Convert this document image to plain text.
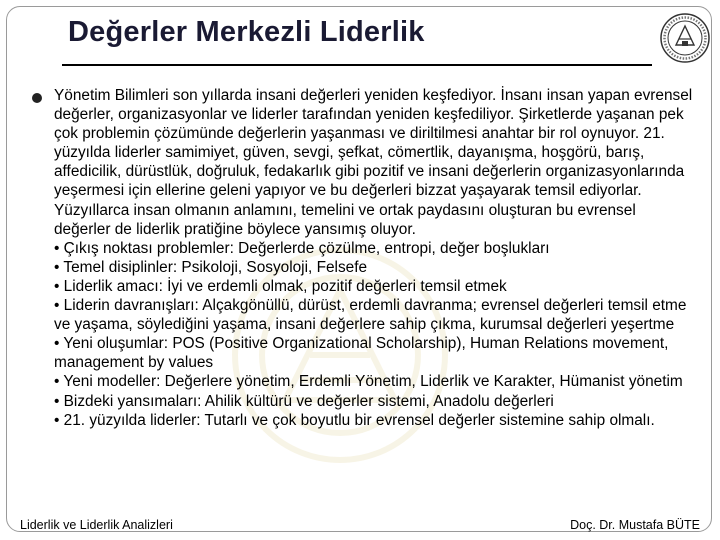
Değerler Merkezli Liderlik

Yönetim Bilimleri son yıllarda insani değerleri yeniden keşfediyor. İnsanı insan yapan evrensel değerler, organizasyonlar ve liderler tarafından yeniden keşfediliyor. Şirketlerde yaşanan pek çok problemin çözümünde değerlerin yaşanması ve diriltilmesi anahtar bir rol oynuyor. 21. yüzyılda liderler samimiyet, güven, sevgi, şefkat, cömertlik, dayanışma, hoşgörü, barış, affedicilik, dürüstlük, doğruluk, fedakarlık gibi pozitif ve insani değerlerin organizasyonlarında yeşermesi için ellerine geleni yapıyor ve bu değerleri bizzat yaşayarak temsil ediyorlar. Yüzyıllarca insan olmanın anlamını, temelini ve ortak paydasını oluşturan bu evrensel değerler de liderlik pratiğine böylece yansımış oluyor.

• Çıkış noktası problemler: Değerlerde çözülme, entropi, değer boşlukları

• Temel disiplinler: Psikoloji, Sosyoloji, Felsefe

• Liderlik amacı: İyi ve erdemli olmak, pozitif değerleri temsil etmek

• Liderin davranışları: Alçakgönüllü, dürüst, erdemli davranma; evrensel değerleri temsil etme ve yaşama, söylediğini yaşama, insani değerlere sahip çıkma, kurumsal değerleri yeşertme

• Yeni oluşumlar: POS (Positive Organizational Scholarship), Human Relations movement, management by values

• Yeni modeller: Değerlere yönetim, Erdemli Yönetim, Liderlik ve Karakter, Hümanist yönetim

• Bizdeki yansımaları: Ahilik kültürü ve değerler sistemi, Anadolu değerleri

• 21. yüzyılda liderler: Tutarlı ve çok boyutlu bir evrensel değerler sistemine sahip olmalı.

Liderlik ve Liderlik Analizleri	Doç. Dr. Mustafa BÜTE
